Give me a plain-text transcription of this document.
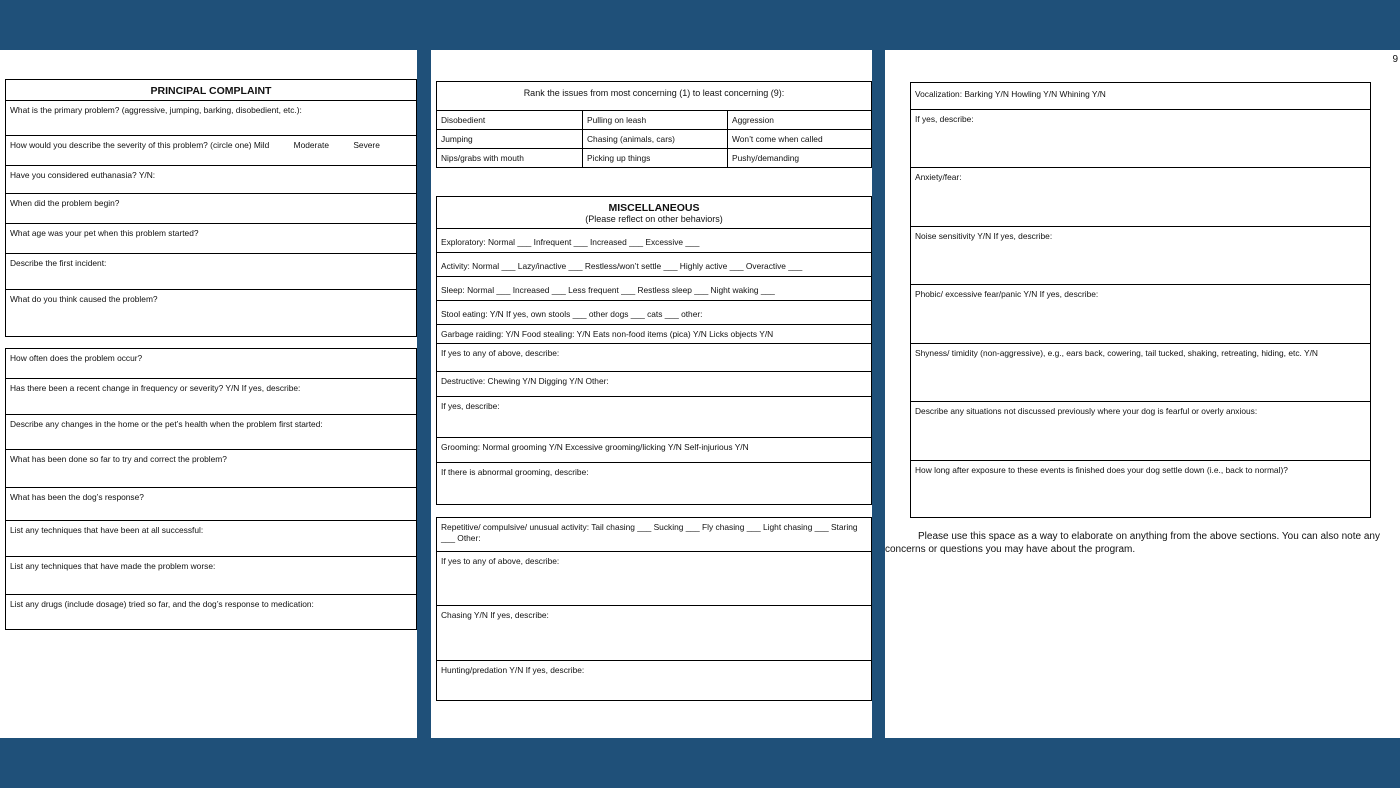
PRINCIPAL COMPLAINT
What is the primary problem? (aggressive, jumping, barking, disobedient, etc.):
How would you describe the severity of this problem? (circle one) Mild	Moderate	Severe
Have you considered euthanasia? Y/N:
When did the problem begin?
What age was your pet when this problem started?
Describe the first incident:
What do you think caused the problem?
How often does the problem occur?
Has there been a recent change in frequency or severity? Y/N If yes, describe:
Describe any changes in the home or the pet’s health when the problem first started:
What has been done so far to try and correct the problem?
What has been the dog’s response?
List any techniques that have been at all successful:
List any techniques that have made the problem worse:
List any drugs (include dosage) tried so far, and the dog’s response to medication:
Rank the issues from most concerning (1) to least concerning (9):
Disobedient	Pulling on leash	Aggression
Jumping	Chasing (animals, cars)	Won’t come when called
Nips/grabs with mouth	Picking up things	Pushy/demanding
MISCELLANEOUS
(Please reflect on other behaviors)
Exploratory: Normal ___ Infrequent ___ Increased ___ Excessive ___
Activity: Normal ___ Lazy/inactive ___ Restless/won’t settle ___ Highly active ___ Overactive ___
Sleep: Normal ___ Increased ___ Less frequent ___ Restless sleep ___ Night waking ___
Stool eating: Y/N If yes, own stools ___ other dogs ___ cats ___ other:
Garbage raiding: Y/N Food stealing: Y/N Eats non-food items (pica) Y/N Licks objects Y/N
If yes to any of above, describe:
Destructive: Chewing Y/N Digging Y/N Other:
If yes, describe:
Grooming: Normal grooming Y/N Excessive grooming/licking Y/N Self-injurious Y/N
If there is abnormal grooming, describe:
Repetitive/ compulsive/ unusual activity: Tail chasing ___ Sucking ___ Fly chasing ___ Light chasing ___ Staring ___ Other:
If yes to any of above, describe:
Chasing Y/N If yes, describe:
Hunting/predation Y/N If yes, describe:
9
Vocalization: Barking Y/N Howling Y/N Whining Y/N
If yes, describe:
Anxiety/fear:
Noise sensitivity Y/N If yes, describe:
Phobic/ excessive fear/panic Y/N If yes, describe:
Shyness/ timidity (non-aggressive), e.g., ears back, cowering, tail tucked, shaking, retreating, hiding, etc. Y/N
Describe any situations not discussed previously where your dog is fearful or overly anxious:
How long after exposure to these events is finished does your dog settle down (i.e., back to normal)?
Please use this space as a way to elaborate on anything from the above sections. You can also note any concerns or questions you may have about the program.
